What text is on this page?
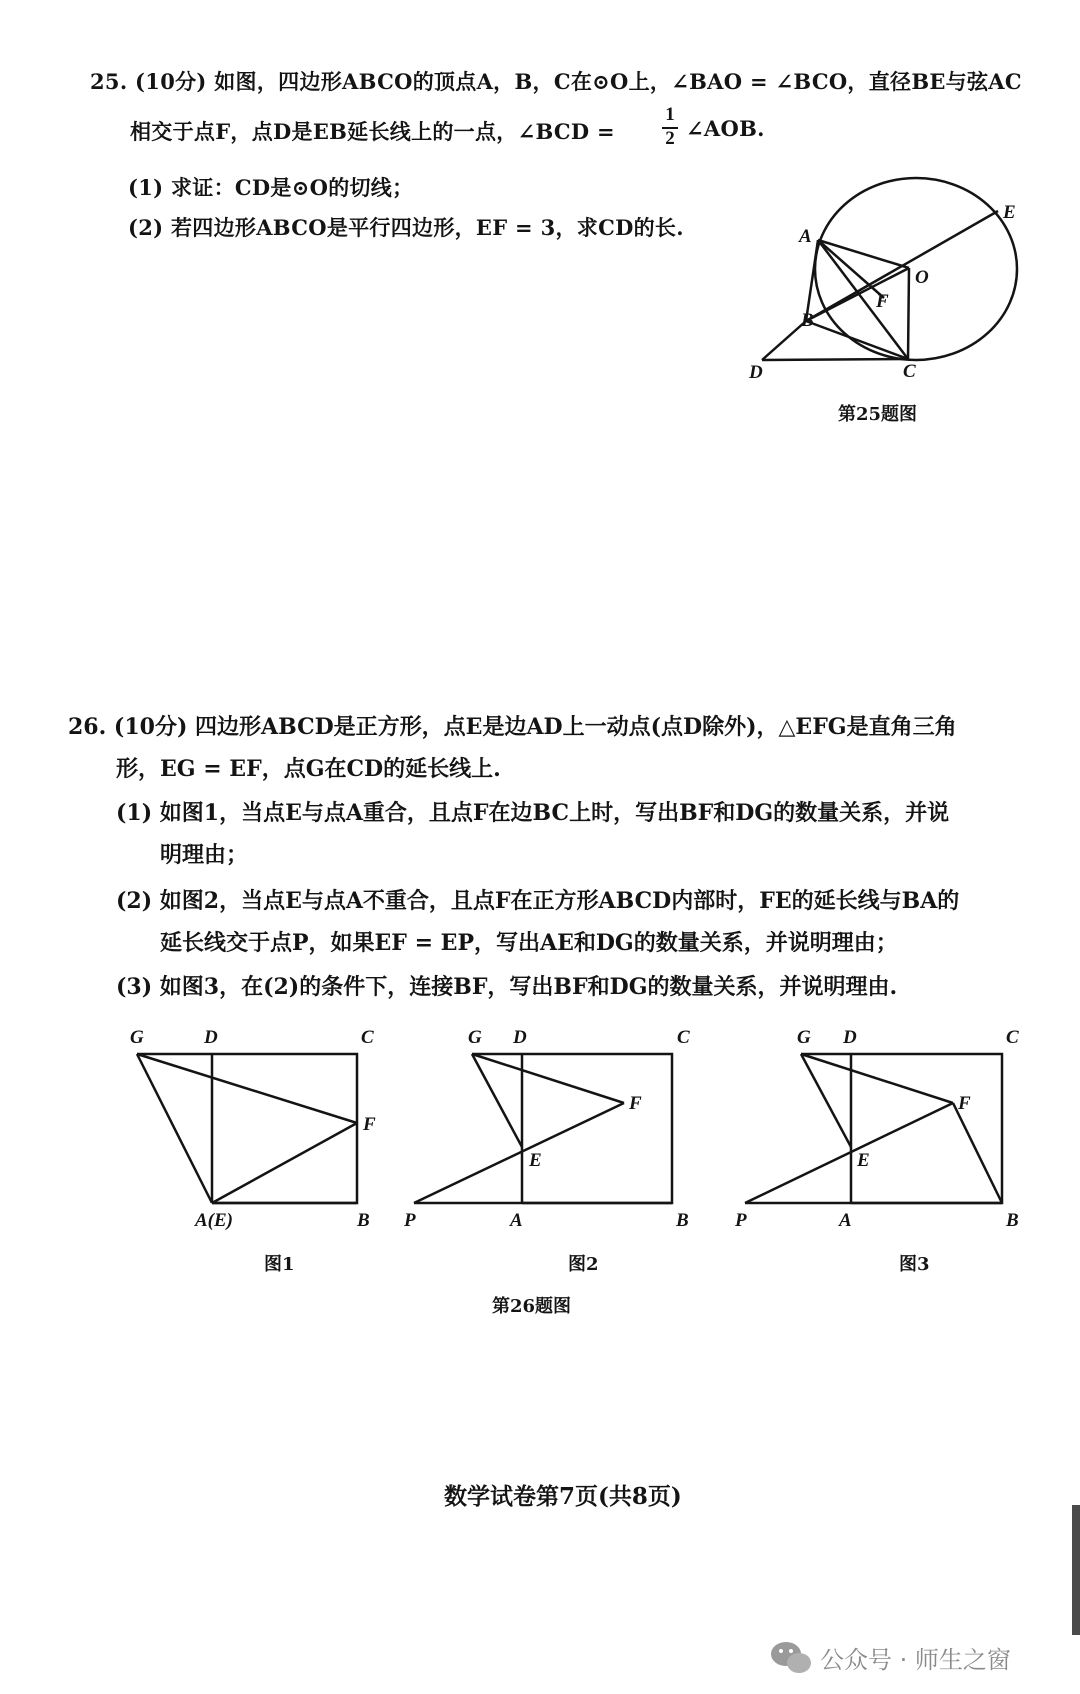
25. (10分) 如图，四边形ABCO的顶点A，B，C在⊙O上，∠BAO = ∠BCO，直径BE与弦AC
相交于点F，点D是EB延长线上的一点，∠BCD =
1
2 ∠AOB.
(1) 求证：CD是⊙O的切线；
(2) 若四边形ABCO是平行四边形，EF = 3，求CD的长.	A
B
C
D
E
F
O
第25题图
26. (10分) 四边形ABCD是正方形，点E是边AD上一动点(点D除外)，△EFG是直角三角
形，EG = EF，点G在CD的延长线上.
(1) 如图1，当点E与点A重合，且点F在边BC上时，写出BF和DG的数量关系，并说
明理由；
(2) 如图2，当点E与点A不重合，且点F在正方形ABCD内部时，FE的延长线与BA的
延长线交于点P，如果EF = EP，写出AE和DG的数量关系，并说明理由；
(3) 如图3，在(2)的条件下，连接BF，写出BF和DG的数量关系，并说明理由.
G	D	C
F
A(E)	B
图1
G D	C
F
E
P	A	B
图2
G D	C
F
E
P	A	B
图3
第26题图
数学试卷第7页(共8页)
公众号 · 师生之窗
